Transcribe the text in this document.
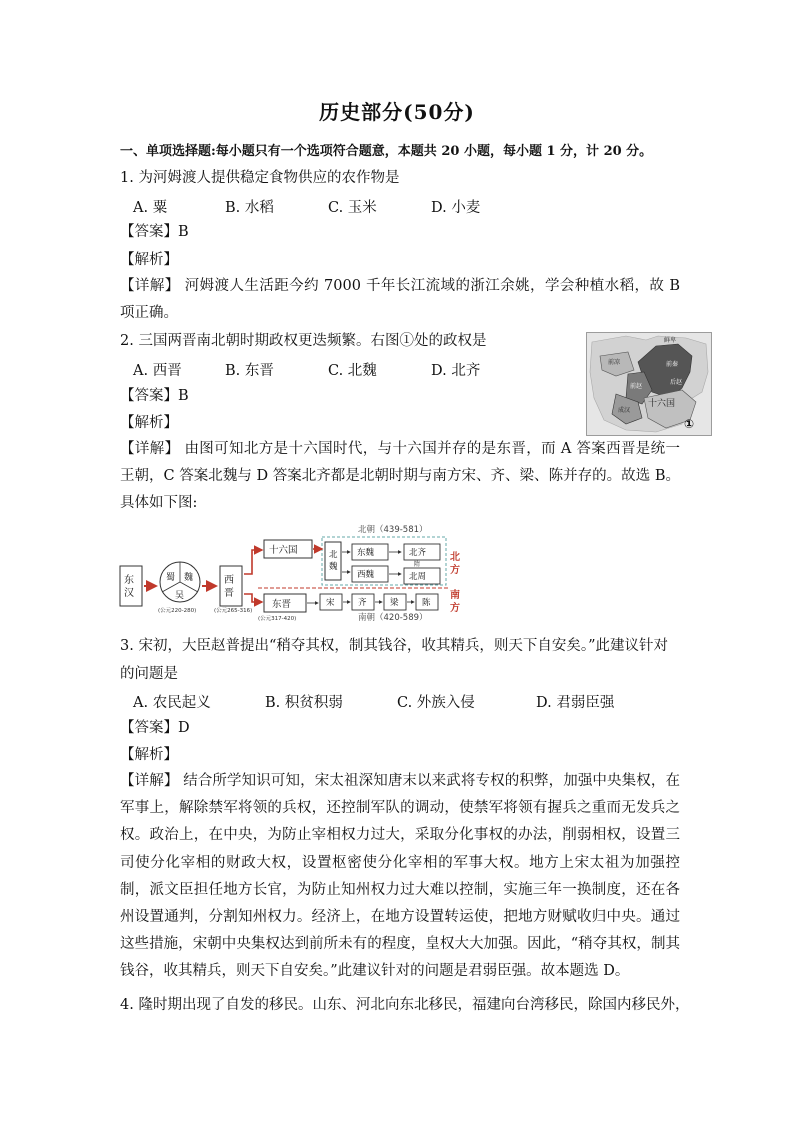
历史部分(50分)
一、单项选择题:每小题只有一个选项符合题意，本题共 20 小题，每小题 1 分，计 20 分。
1. 为河姆渡人提供稳定食物供应的农作物是
A. 粟	B. 水稻	C. 玉米	D. 小麦
【答案】B
【解析】
【详解】 河姆渡人生活距今约 7000 千年长江流域的浙江余姚，学会种植水稻，故 B 项正确。
2. 三国两晋南北朝时期政权更迭频繁。右图①处的政权是
A. 西晋	B. 东晋	C. 北魏	D. 北齐
【答案】B
【解析】
【详解】 由图可知北方是十六国时代，与十六国并存的是东晋，而 A 答案西晋是统一王朝，C 答案北魏与 D 答案北齐都是北朝时期与南方宋、齐、梁、陈并存的。故选 B。具体如下图:
鲜卑
前凉	前秦
前赵
后赵
成汉
十六国
①
北朝（439-581）
南朝（420-589）
东汉
蜀 魏
吴
(公元220-280)
西晋
(公元265-316)
十六国	北魏
东魏
西魏
北齐
隋
北周
北方
南方
东晋
(公元317-420)
宋	齐	梁	陈
3. 宋初，大臣赵普提出“稍夺其权，制其钱谷，收其精兵，则天下自安矣。”此建议针对
的问题是
A. 农民起义	B. 积贫积弱	C. 外族入侵	D. 君弱臣强
【答案】D
【解析】
【详解】 结合所学知识可知，宋太祖深知唐末以来武将专权的积弊，加强中央集权，在军事上，解除禁军将领的兵权，还控制军队的调动，使禁军将领有握兵之重而无发兵之权。政治上，在中央，为防止宰相权力过大，采取分化事权的办法，削弱相权，设置三司使分化宰相的财政大权，设置枢密使分化宰相的军事大权。地方上宋太祖为加强控制，派文臣担任地方长官，为防止知州权力过大难以控制，实施三年一换制度，还在各州设置通判，分割知州权力。经济上，在地方设置转运使，把地方财赋收归中央。通过这些措施，宋朝中央集权达到前所未有的程度，皇权大大加强。因此，“稍夺其权，制其钱谷，收其精兵，则天下自安矣。”此建议针对的问题是君弱臣强。故本题选 D。
4. 隆时期出现了自发的移民。山东、河北向东北移民，福建向台湾移民，除国内移民外，
